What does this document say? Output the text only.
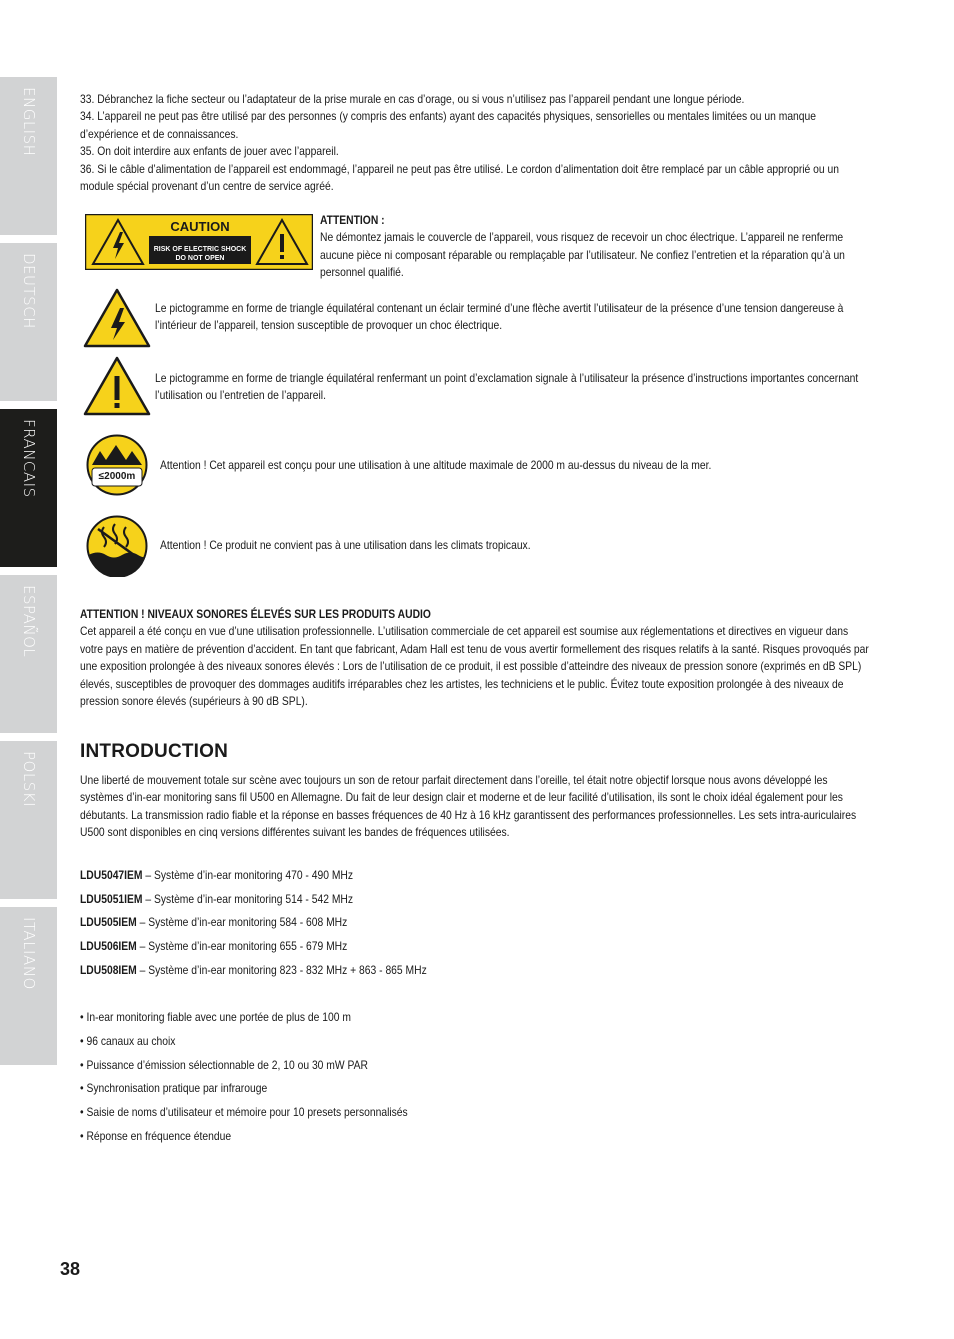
ENGLISH
DEUTSCH
FRANCAIS
ESPAÑOL
POLSKI
ITALIANO
33. Débranchez la fiche secteur ou l’adaptateur de la prise murale en cas d’orage, ou si vous n’utilisez pas l’appareil pendant une longue période.
34. L’appareil ne peut pas être utilisé par des personnes (y compris des enfants) ayant des capacités physiques, sensorielles ou mentales limitées ou un manque d’expérience et de connaissances.
35. On doit interdire aux enfants de jouer avec l’appareil.
36. Si le câble d’alimentation de l’appareil est endommagé, l’appareil ne peut pas être utilisé. Le cordon d’alimentation doit être remplacé par un câble approprié ou un module spécial provenant d’un centre de service agréé.
CAUTION
RISK OF ELECTRIC SHOCK
DO NOT OPEN
ATTENTION :
Ne démontez jamais le couvercle de l’appareil, vous risquez de recevoir un choc électrique. L’appareil ne renferme aucune pièce ni composant réparable ou remplaçable par l’utilisateur. Ne confiez l’entretien et la réparation qu’à un personnel qualifié.
Le pictogramme en forme de triangle équilatéral contenant un éclair terminé d’une flèche avertit l’utilisateur de la présence d’une tension dangereuse à l’intérieur de l’appareil, tension susceptible de provoquer un choc électrique.
Le pictogramme en forme de triangle équilatéral renfermant un point d’exclamation signale à l’utilisateur la présence d’instructions importantes concernant l’utilisation ou l’entretien de l’appareil.
≤2000m
Attention ! Cet appareil est conçu pour une utilisation à une altitude maximale de 2000 m au-dessus du niveau de la mer.
Attention ! Ce produit ne convient pas à une utilisation dans les climats tropicaux.
ATTENTION ! NIVEAUX SONORES ÉLEVÉS SUR LES PRODUITS AUDIO
Cet appareil a été conçu en vue d’une utilisation professionnelle. L’utilisation commerciale de cet appareil est soumise aux réglementations et directives en vigueur dans votre pays en matière de prévention d’accident. En tant que fabricant, Adam Hall est tenu de vous avertir formellement des risques relatifs à la santé. Risques provoqués par une exposition prolongée à des niveaux sonores élevés : Lors de l’utilisation de ce produit, il est possible d’atteindre des niveaux de pression sonore (exprimés en dB SPL) élevés, susceptibles de provoquer des dommages auditifs irréparables chez les artistes, les techniciens et le public. Évitez toute exposition prolongée à des niveaux de pression sonore élevés (supérieurs à 90 dB SPL).
INTRODUCTION
Une liberté de mouvement totale sur scène avec toujours un son de retour parfait directement dans l’oreille, tel était notre objectif lorsque nous avons développé les systèmes d’in-ear monitoring sans fil U500 en Allemagne. Du fait de leur design clair et moderne et de leur facilité d’utilisation, ils sont le choix idéal également pour les débutants. La transmission radio fiable et la réponse en basses fréquences de 40 Hz à 16 kHz garantissent des performances professionnelles. Les sets intra-auriculaires U500 sont disponibles en cinq versions différentes suivant les bandes de fréquences utilisées.
LDU5047IEM – Système d’in-ear monitoring 470 - 490 MHz
LDU5051IEM – Système d’in-ear monitoring 514 - 542 MHz
LDU505IEM – Système d’in-ear monitoring 584 - 608 MHz
LDU506IEM – Système d’in-ear monitoring 655 - 679 MHz
LDU508IEM – Système d’in-ear monitoring 823 - 832 MHz + 863 - 865 MHz
• In-ear monitoring fiable avec une portée de plus de 100 m
• 96 canaux au choix
• Puissance d’émission sélectionnable de 2, 10 ou 30 mW PAR
• Synchronisation pratique par infrarouge
• Saisie de noms d’utilisateur et mémoire pour 10 presets personnalisés
• Réponse en fréquence étendue
38
